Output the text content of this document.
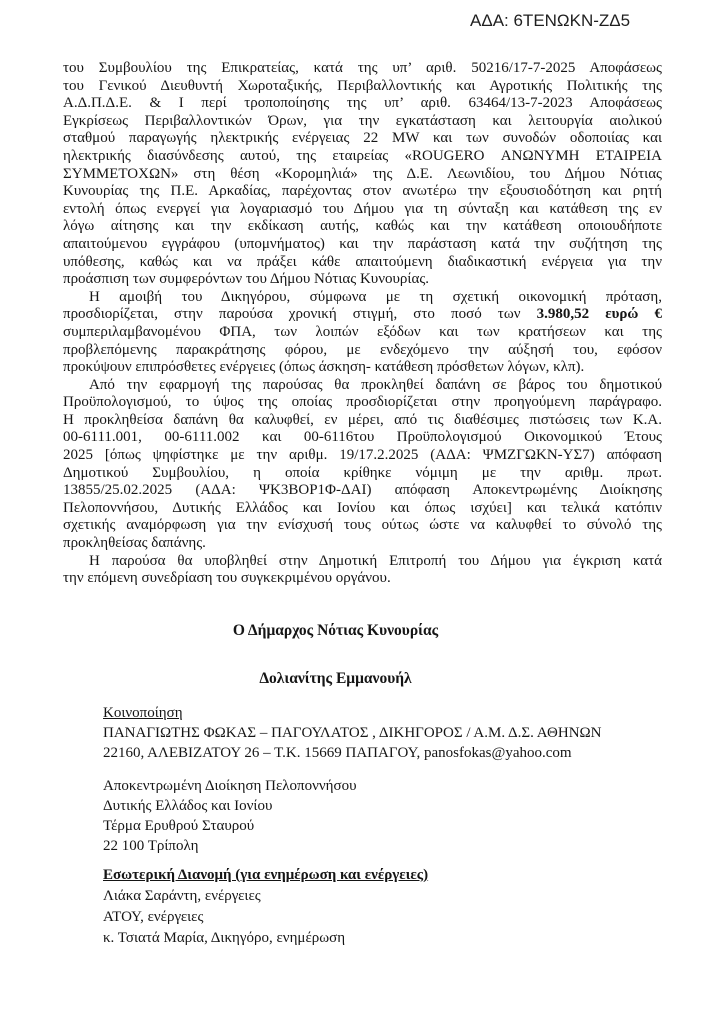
ΑΔΑ: 6ΤΕΝΩΚΝ-ΖΔ5
του Συμβουλίου της Επικρατείας, κατά της υπ’ αριθ. 50216/17-7-2025 Αποφάσεως
του Γενικού Διευθυντή Χωροταξικής, Περιβαλλοντικής και Αγροτικής Πολιτικής της
Α.Δ.Π.Δ.Ε. & Ι περί τροποποίησης της υπ’ αριθ. 63464/13-7-2023 Αποφάσεως
Εγκρίσεως Περιβαλλοντικών Όρων, για την εγκατάσταση και λειτουργία αιολικού
σταθμού παραγωγής ηλεκτρικής ενέργειας 22 MW και των συνοδών οδοποιίας και
ηλεκτρικής διασύνδεσης αυτού, της εταιρείας «ROUGERO ΑΝΩΝΥΜΗ ΕΤΑΙΡΕΙΑ
ΣΥΜΜΕΤΟΧΩΝ» στη θέση «Κορομηλιά» της Δ.Ε. Λεωνιδίου, του Δήμου Νότιας
Κυνουρίας της Π.Ε. Αρκαδίας, παρέχοντας στον ανωτέρω την εξουσιοδότηση και ρητή
εντολή όπως ενεργεί για λογαριασμό του Δήμου για τη σύνταξη και κατάθεση της εν
λόγω αίτησης και την εκδίκαση αυτής, καθώς και την κατάθεση οποιουδήποτε
απαιτούμενου εγγράφου (υπομνήματος) και την παράσταση κατά την συζήτηση της
υπόθεσης, καθώς και να πράξει κάθε απαιτούμενη διαδικαστική ενέργεια για την
προάσπιση των συμφερόντων του Δήμου Νότιας Κυνουρίας.
Η αμοιβή του Δικηγόρου, σύμφωνα με τη σχετική οικονομική πρόταση,
προσδιορίζεται, στην παρούσα χρονική στιγμή, στο ποσό των 3.980,52 ευρώ €
συμπεριλαμβανομένου ΦΠΑ, των λοιπών εξόδων και των κρατήσεων και της
προβλεπόμενης παρακράτησης φόρου, με ενδεχόμενο την αύξησή του, εφόσον
προκύψουν επιπρόσθετες ενέργειες (όπως άσκηση- κατάθεση πρόσθετων λόγων, κλπ).
Από την εφαρμογή της παρούσας θα προκληθεί δαπάνη σε βάρος του δημοτικού
Προϋπολογισμού, το ύψος της οποίας προσδιορίζεται στην προηγούμενη παράγραφο.
Η προκληθείσα δαπάνη θα καλυφθεί, εν μέρει, από τις διαθέσιμες πιστώσεις των Κ.Α.
00-6111.001, 00-6111.002 και 00-6116του Προϋπολογισμού Οικονομικού Έτους
2025 [όπως ψηφίστηκε με την αριθμ. 19/17.2.2025 (ΑΔΑ: ΨΜΖΓΩΚΝ-ΥΣ7) απόφαση
Δημοτικού Συμβουλίου, η οποία κρίθηκε νόμιμη με την αριθμ. πρωτ.
13855/25.02.2025 (ΑΔΑ: ΨΚ3ΒΟΡ1Φ-ΔΑΙ) απόφαση Αποκεντρωμένης Διοίκησης
Πελοποννήσου, Δυτικής Ελλάδος και Ιονίου και όπως ισχύει] και τελικά κατόπιν
σχετικής αναμόρφωση για την ενίσχυσή τους ούτως ώστε να καλυφθεί το σύνολό της
προκληθείσας δαπάνης.
Η παρούσα θα υποβληθεί στην Δημοτική Επιτροπή του Δήμου για έγκριση κατά
την επόμενη συνεδρίαση του συγκεκριμένου οργάνου.
Ο Δήμαρχος Νότιας Κυνουρίας
Δολιανίτης Εμμανουήλ
Κοινοποίηση
ΠΑΝΑΓΙΩΤΗΣ ΦΩΚΑΣ – ΠΑΓΟΥΛΑΤΟΣ , ΔΙΚΗΓΟΡΟΣ / Α.Μ. Δ.Σ. ΑΘΗΝΩΝ
22160, ΑΛΕΒΙΖΑΤΟΥ 26 – Τ.Κ. 15669 ΠΑΠΑΓΟΥ, panosfokas@yahoo.com
Αποκεντρωμένη Διοίκηση Πελοποννήσου
Δυτικής Ελλάδος και Ιονίου
Τέρμα Ερυθρού Σταυρού
22 100 Τρίπολη
Εσωτερική Διανομή (για ενημέρωση και ενέργειες)
Λιάκα Σαράντη, ενέργειες
ΑΤΟΥ, ενέργειες
κ. Τσιατά Μαρία, Δικηγόρο, ενημέρωση
